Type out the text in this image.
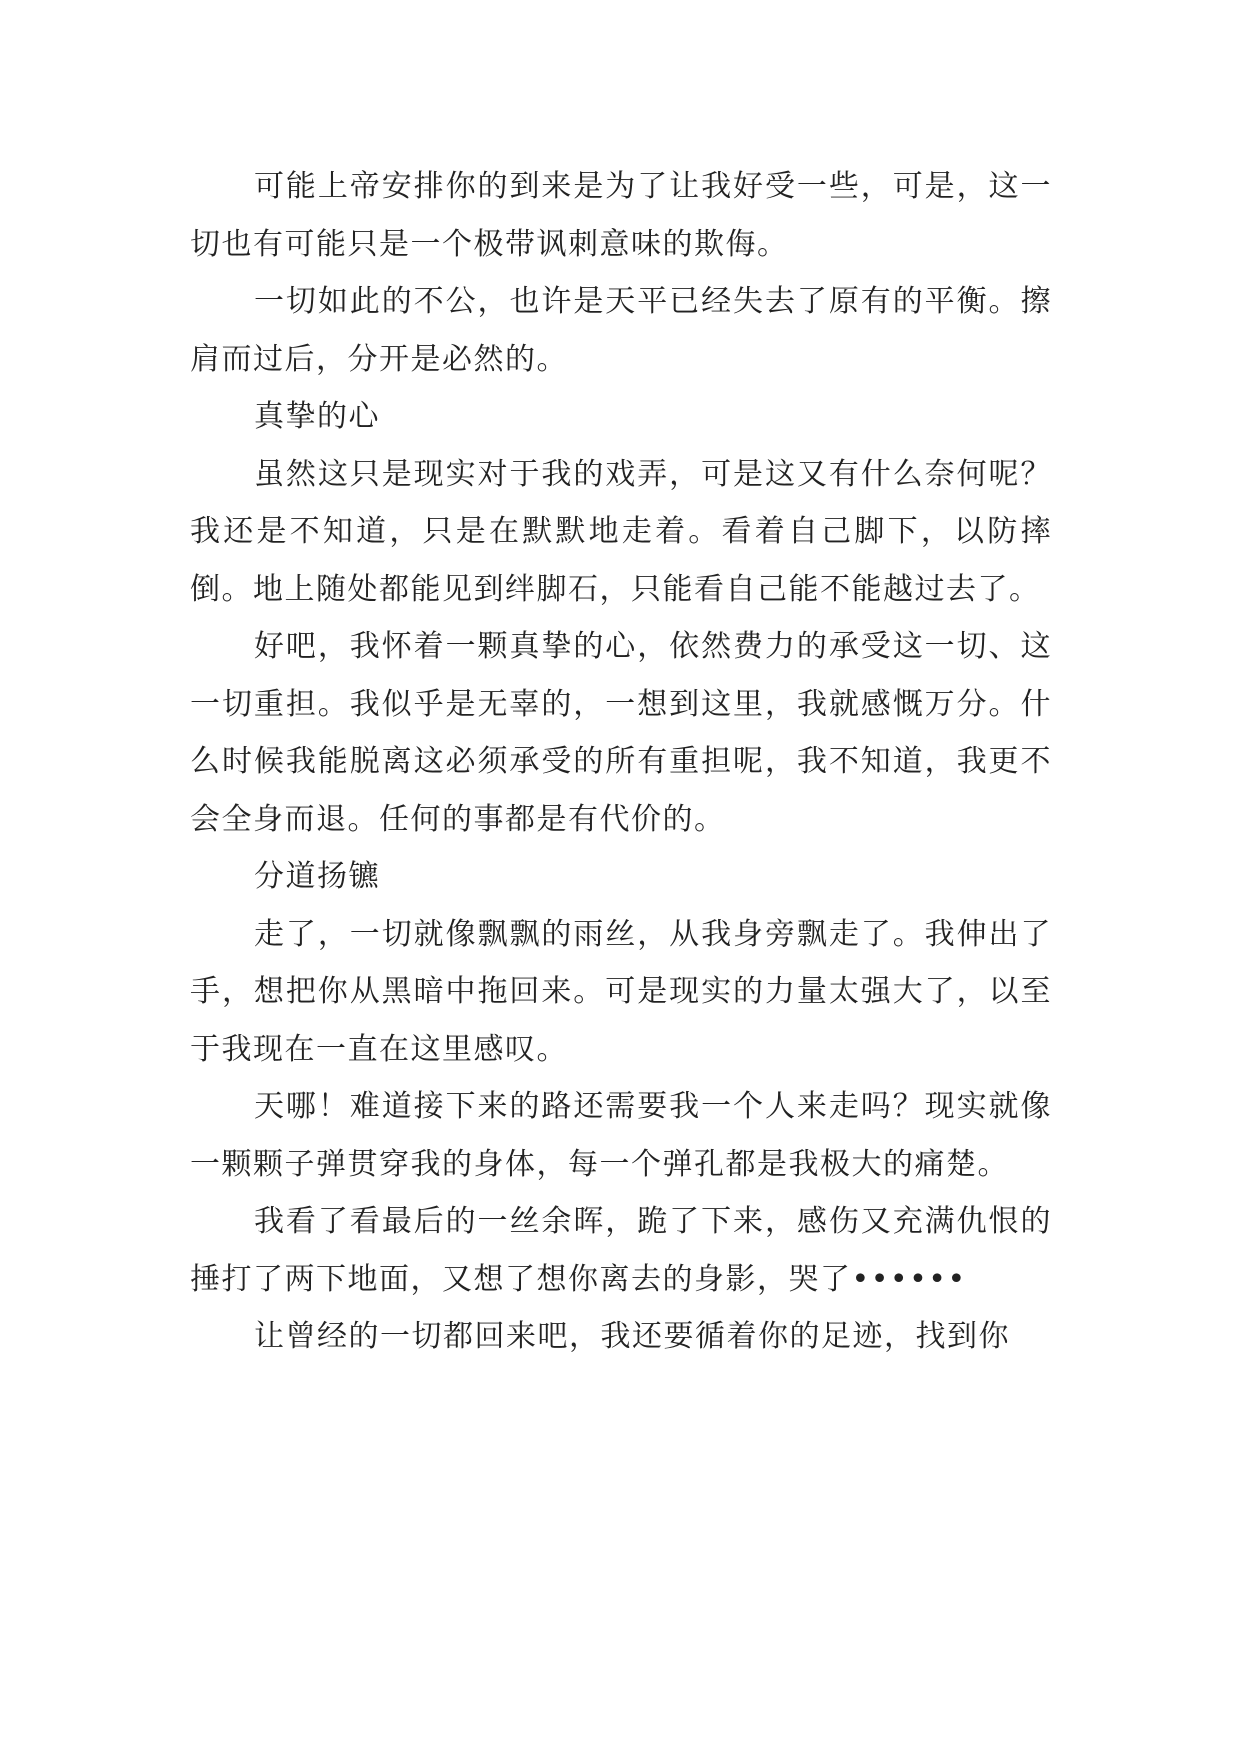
可能上帝安排你的到来是为了让我好受一些，可是，这一切也有可能只是一个极带讽刺意味的欺侮。

一切如此的不公，也许是天平已经失去了原有的平衡。擦肩而过后，分开是必然的。

真挚的心

虽然这只是现实对于我的戏弄，可是这又有什么奈何呢？我还是不知道，只是在默默地走着。看着自己脚下，以防摔倒。地上随处都能见到绊脚石，只能看自己能不能越过去了。

好吧，我怀着一颗真挚的心，依然费力的承受这一切、这一切重担。我似乎是无辜的，一想到这里，我就感慨万分。什么时候我能脱离这必须承受的所有重担呢，我不知道，我更不会全身而退。任何的事都是有代价的。

分道扬镳

走了，一切就像飘飘的雨丝，从我身旁飘走了。我伸出了手，想把你从黑暗中拖回来。可是现实的力量太强大了，以至于我现在一直在这里感叹。

天哪！难道接下来的路还需要我一个人来走吗？现实就像一颗颗子弹贯穿我的身体，每一个弹孔都是我极大的痛楚。

我看了看最后的一丝余晖，跪了下来，感伤又充满仇恨的捶打了两下地面，又想了想你离去的身影，哭了••••••

让曾经的一切都回来吧，我还要循着你的足迹，找到你
